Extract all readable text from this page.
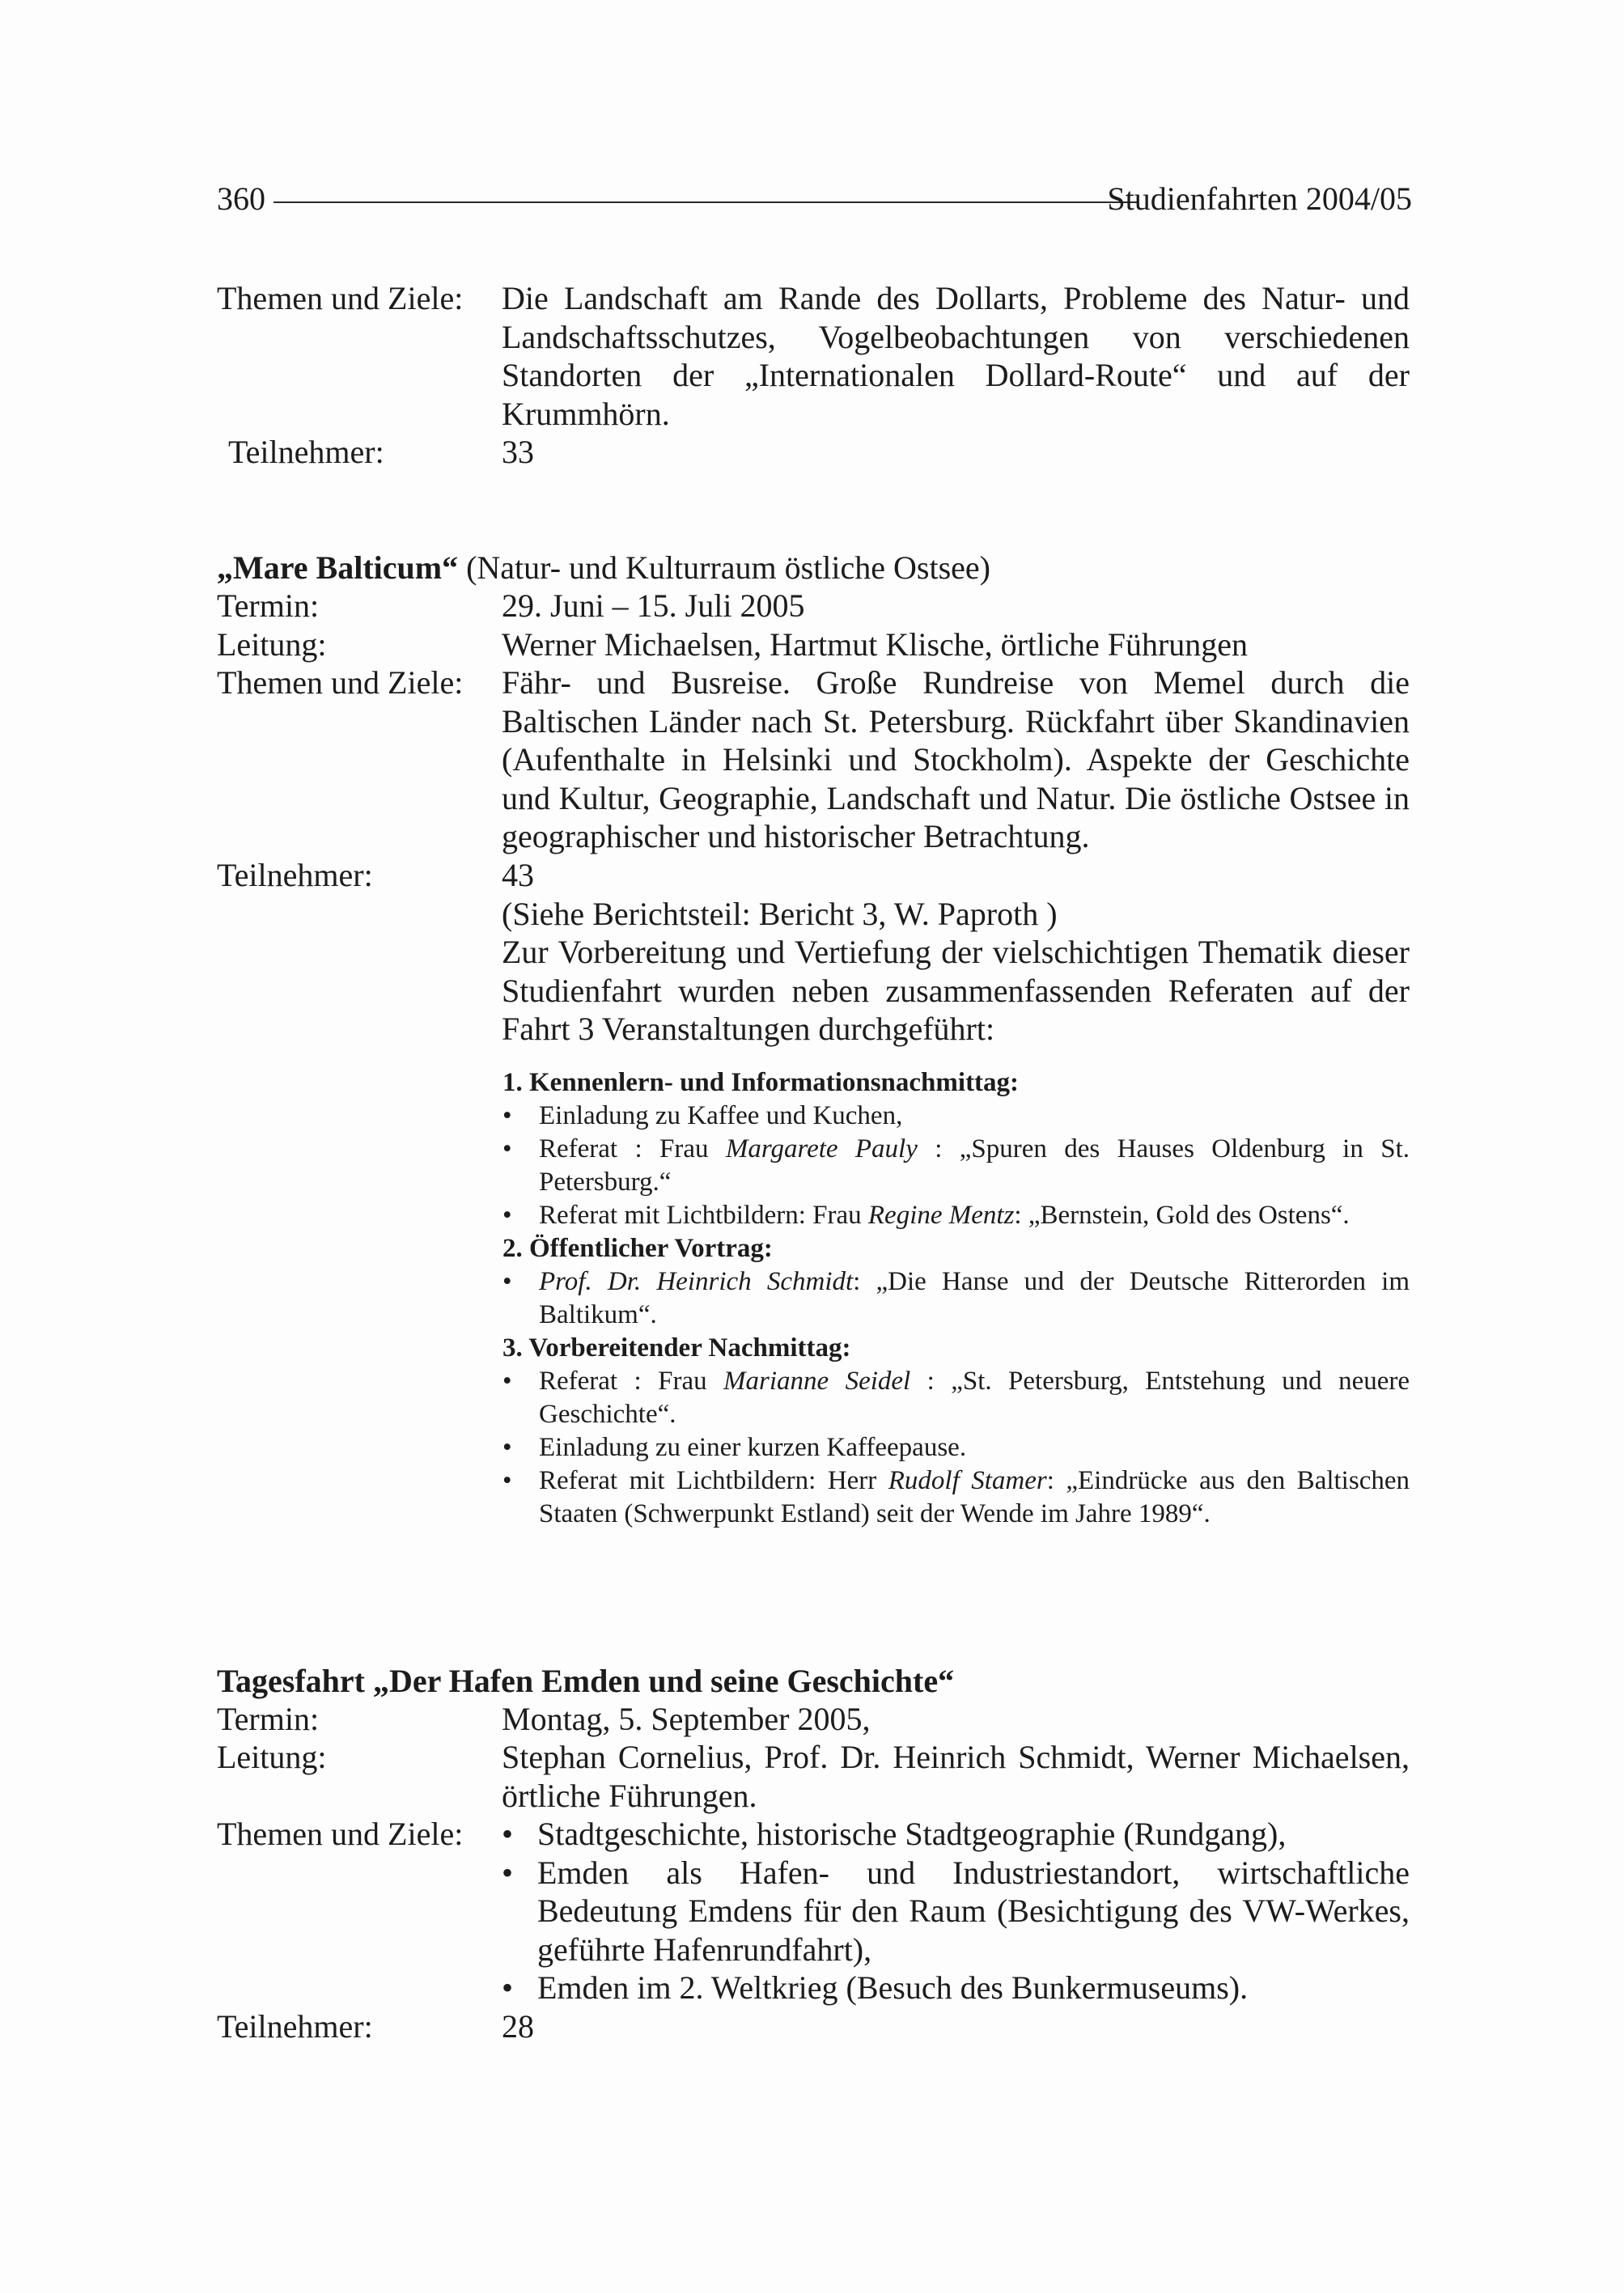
360	Studienfahrten 2004/05
Themen und Ziele:	Die Landschaft am Rande des Dollarts, Probleme des Natur- und Landschaftsschutzes, Vogelbeobachtungen von verschiedenen Standorten der „Internationalen Dollard-Route“ und auf der Krummhörn.
Teilnehmer:	33
„Mare Balticum“ (Natur- und Kulturraum östliche Ostsee)
Termin:	29. Juni – 15. Juli 2005
Leitung:	Werner Michaelsen, Hartmut Klische, örtliche Führungen
Themen und Ziele:	Fähr- und Busreise. Große Rundreise von Memel durch die Baltischen Länder nach St. Petersburg. Rückfahrt über Skandinavien (Aufenthalte in Helsinki und Stockholm). Aspekte der Geschichte und Kultur, Geographie, Landschaft und Natur. Die östliche Ostsee in geographischer und historischer Betrachtung.
Teilnehmer:	43
(Siehe Berichtsteil: Bericht 3, W. Paproth )
Zur Vorbereitung und Vertiefung der vielschichtigen Thematik dieser Studienfahrt wurden neben zusammenfassenden Referaten auf der Fahrt 3 Veranstaltungen durchgeführt:
1. Kennenlern- und Informationsnachmittag:
• Einladung zu Kaffee und Kuchen,
• Referat : Frau Margarete Pauly : „Spuren des Hauses Oldenburg in St. Petersburg.“
• Referat mit Lichtbildern: Frau Regine Mentz: „Bernstein, Gold des Ostens“.
2. Öffentlicher Vortrag:
• Prof. Dr. Heinrich Schmidt: „Die Hanse und der Deutsche Ritterorden im Baltikum“.
3. Vorbereitender Nachmittag:
• Referat : Frau Marianne Seidel : „St. Petersburg, Entstehung und neuere Geschichte“.
• Einladung zu einer kurzen Kaffeepause.
• Referat mit Lichtbildern: Herr Rudolf Stamer: „Eindrücke aus den Baltischen Staaten (Schwerpunkt Estland) seit der Wende im Jahre 1989“.
Tagesfahrt „Der Hafen Emden und seine Geschichte“
Termin:	Montag, 5. September 2005,
Leitung:	Stephan Cornelius, Prof. Dr. Heinrich Schmidt, Werner Michaelsen, örtliche Führungen.
Themen und Ziele:	• Stadtgeschichte, historische Stadtgeographie (Rundgang),
• Emden als Hafen- und Industriestandort, wirtschaftliche Bedeutung Emdens für den Raum (Besichtigung des VW-Werkes, geführte Hafenrundfahrt),
• Emden im 2. Weltkrieg (Besuch des Bunkermuseums).
Teilnehmer:	28
